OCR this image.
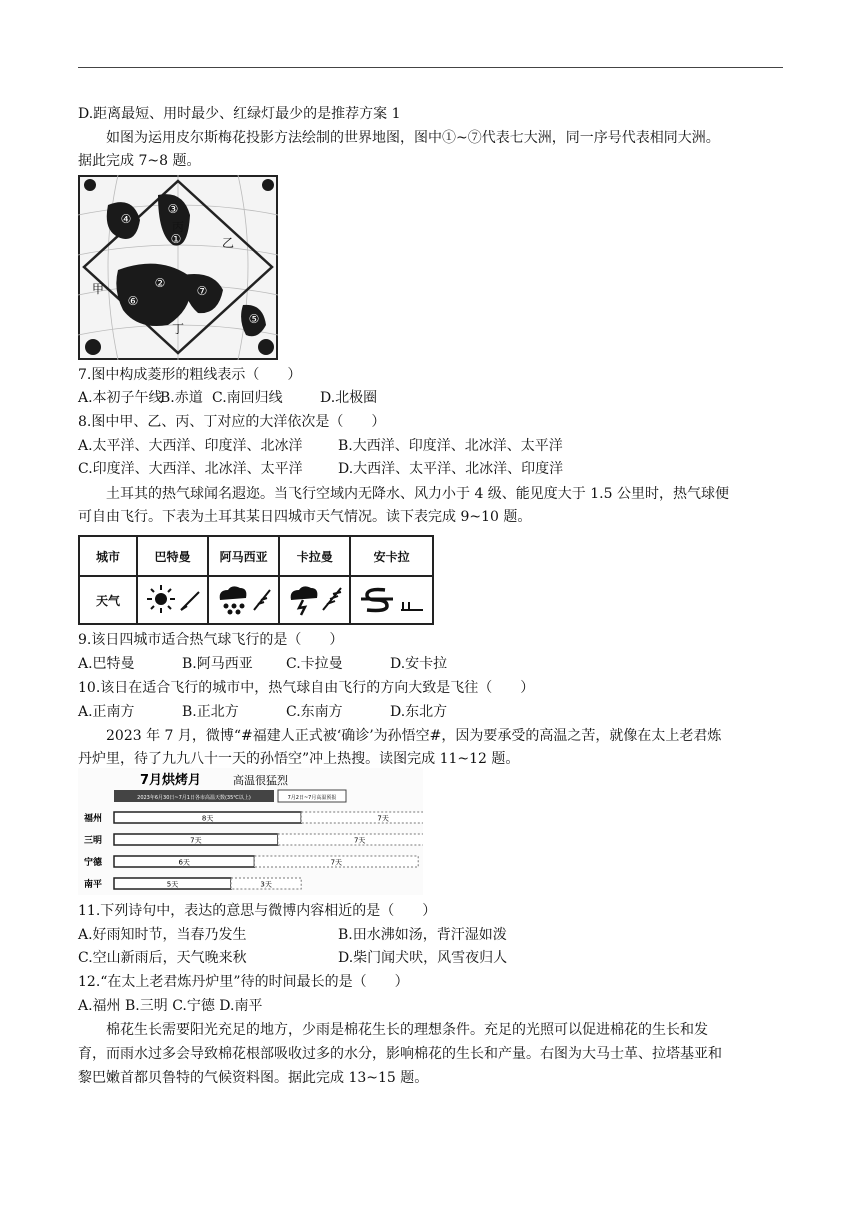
D.距离最短、用时最少、红绿灯最少的是推荐方案 1
如图为运用皮尔斯梅花投影方法绘制的世界地图，图中①~⑦代表七大洲，同一序号代表相同大洲。
据此完成 7~8 题。
④
③
②
⑥
⑦
⑤
①
甲
乙
丙
丁
7.图中构成菱形的粗线表示（　　）
A.本初子午线B.赤道 C.南回归线	D.北极圈
8.图中甲、乙、丙、丁对应的大洋依次是（　　）
A.太平洋、大西洋、印度洋、北冰洋	B.大西洋、印度洋、北冰洋、太平洋
C.印度洋、大西洋、北冰洋、太平洋	D.大西洋、太平洋、北冰洋、印度洋
土耳其的热气球闻名遐迩。当飞行空域内无降水、风力小于 4 级、能见度大于 1.5 公里时，热气球便
可自由飞行。下表为土耳其某日四城市天气情况。读下表完成 9~10 题。
城市	巴特曼	阿马西亚	卡拉曼	安卡拉
天气				
9.该日四城市适合热气球飞行的是（　　）
A.巴特曼	B.阿马西亚 C.卡拉曼	D.安卡拉
10.该日在适合飞行的城市中，热气球自由飞行的方向大致是飞往（　　）
A.正南方	B.正北方	C.东南方	D.东北方
2023 年 7 月，微博“#福建人正式被‘确诊’为孙悟空#，因为要承受的高温之苦，就像在太上老君炼
丹炉里，待了九九八十一天的孙悟空”冲上热搜。读图完成 11~12 题。
7月烘烤月	高温很猛烈
2023年6月30日~7月1日各市高温天数(35℃以上)	7月2日~7月高温预报
福州	8天	7天
三明	7天	7天
宁德	6天	7天
南平	5天	3天
11.下列诗句中，表达的意思与微博内容相近的是（　　）
A.好雨知时节，当春乃发生	B.田水沸如汤，背汗湿如泼
C.空山新雨后，天气晚来秋	D.柴门闻犬吠，风雪夜归人
12.“在太上老君炼丹炉里”待的时间最长的是（　　）
A.福州 B.三明 C.宁德 D.南平
棉花生长需要阳光充足的地方，少雨是棉花生长的理想条件。充足的光照可以促进棉花的生长和发
育，而雨水过多会导致棉花根部吸收过多的水分，影响棉花的生长和产量。右图为大马士革、拉塔基亚和
黎巴嫩首都贝鲁特的气候资料图。据此完成 13~15 题。
